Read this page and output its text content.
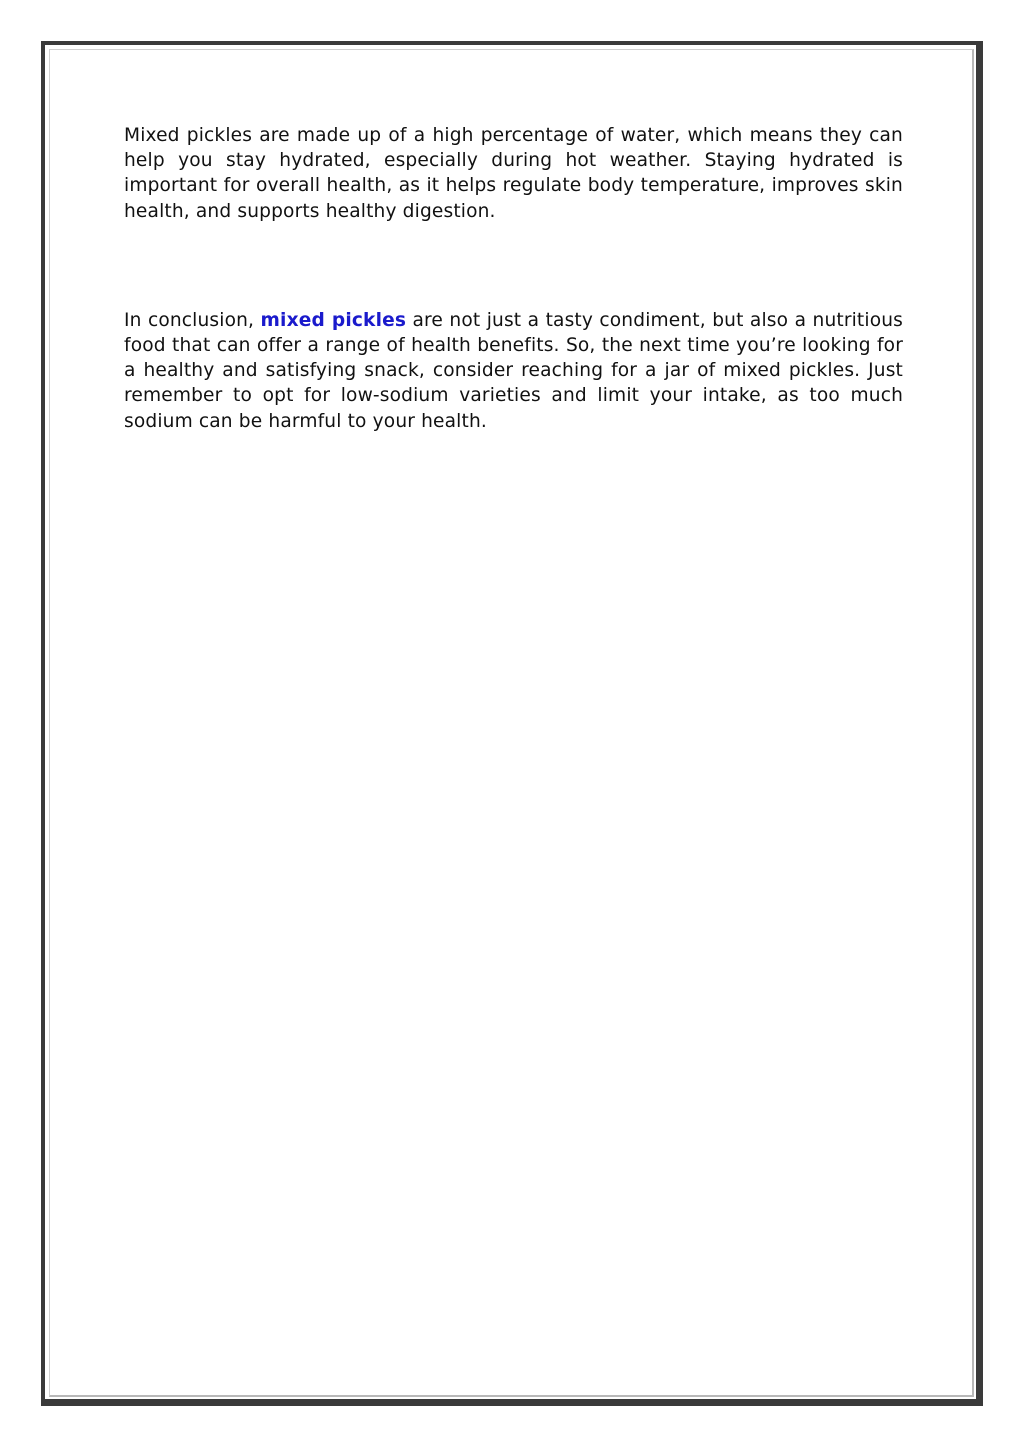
Mixed pickles are made up of a high percentage of water, which means they can help you stay hydrated, especially during hot weather. Staying hydrated is important for overall health, as it helps regulate body temperature, improves skin health, and supports healthy digestion.

In conclusion, mixed pickles are not just a tasty condiment, but also a nutritious food that can offer a range of health benefits. So, the next time you’re looking for a healthy and satisfying snack, consider reaching for a jar of mixed pickles. Just remember to opt for low-sodium varieties and limit your intake, as too much sodium can be harmful to your health.
